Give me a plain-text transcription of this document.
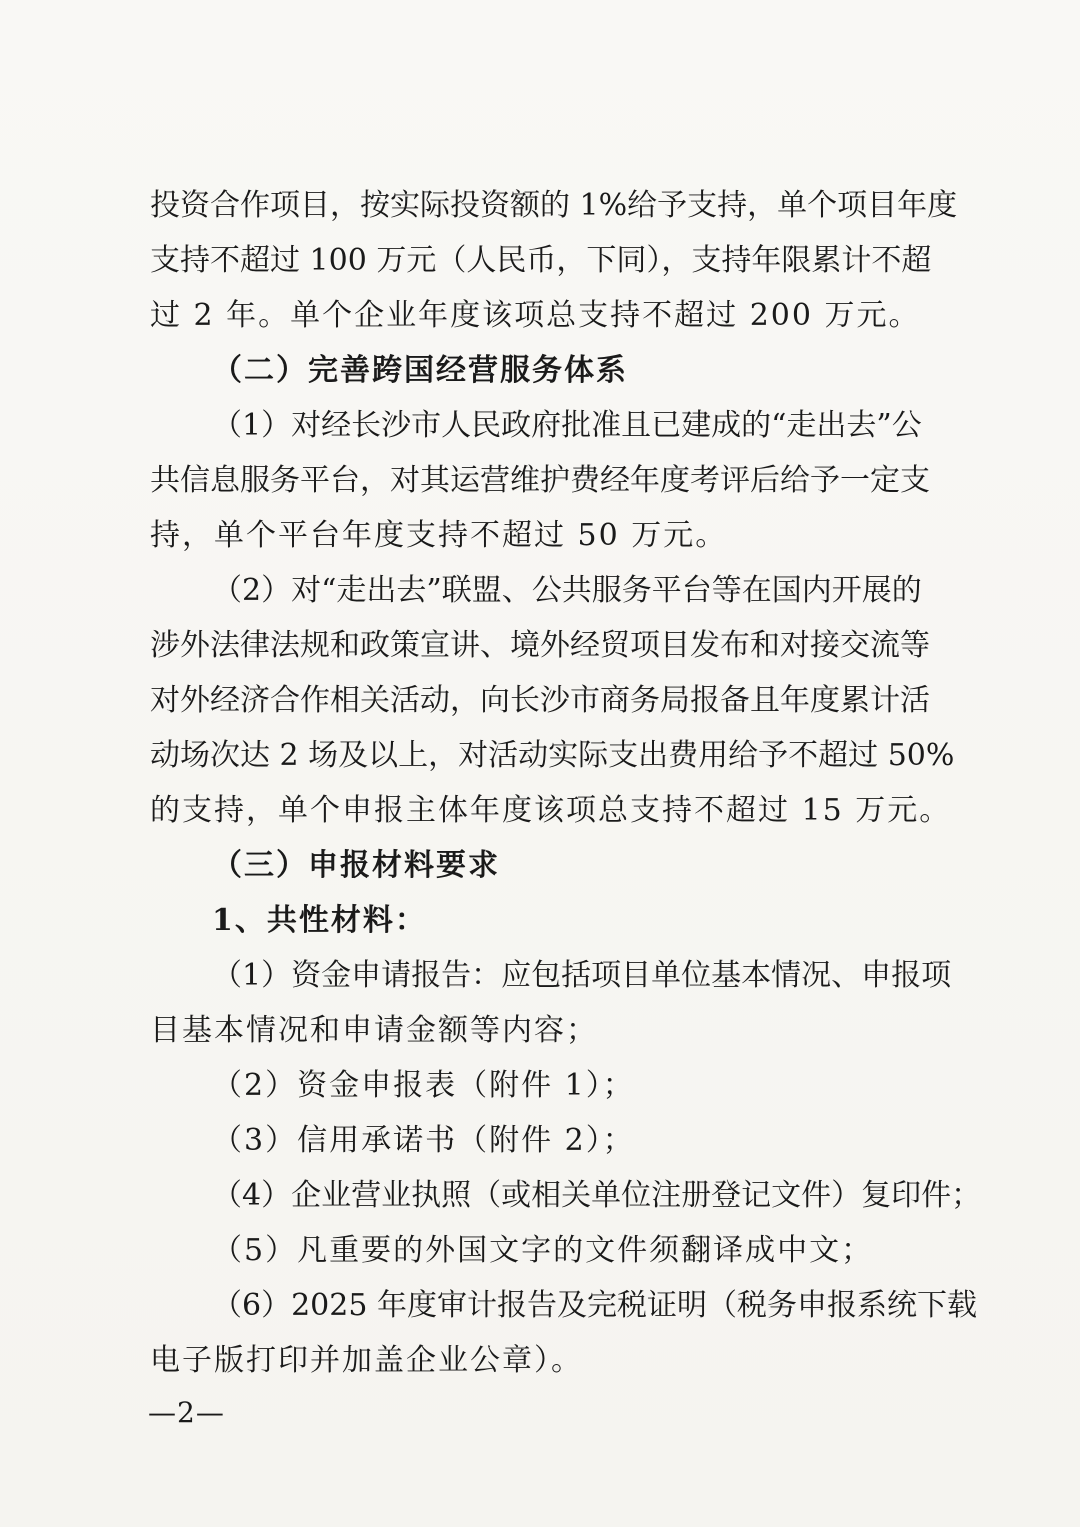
投资合作项目，按实际投资额的 1%给予支持，单个项目年度
支持不超过 100 万元（人民币，下同），支持年限累计不超
过 2 年。单个企业年度该项总支持不超过 200 万元。
（二）完善跨国经营服务体系
（1）对经长沙市人民政府批准且已建成的“走出去”公
共信息服务平台，对其运营维护费经年度考评后给予一定支
持，单个平台年度支持不超过 50 万元。
（2）对“走出去”联盟、公共服务平台等在国内开展的
涉外法律法规和政策宣讲、境外经贸项目发布和对接交流等
对外经济合作相关活动，向长沙市商务局报备且年度累计活
动场次达 2 场及以上，对活动实际支出费用给予不超过 50%
的支持，单个申报主体年度该项总支持不超过 15 万元。
（三）申报材料要求
1、共性材料：
（1）资金申请报告：应包括项目单位基本情况、申报项
目基本情况和申请金额等内容；
（2）资金申报表（附件 1）；
（3）信用承诺书（附件 2）；
（4）企业营业执照（或相关单位注册登记文件）复印件；
（5）凡重要的外国文字的文件须翻译成中文；
（6）2025 年度审计报告及完税证明（税务申报系统下载
电子版打印并加盖企业公章）。
—2—
